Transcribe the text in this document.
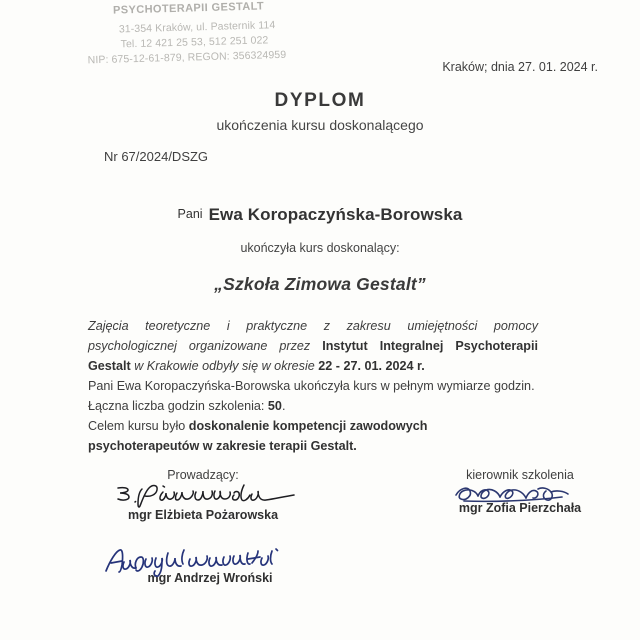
PSYCHOTERAPII GESTALT
31-354 Kraków, ul. Pasternik 114
Tel. 12 421 25 53, 512 251 022
NIP: 675-12-61-879, REGON: 356324959
Kraków; dnia 27. 01. 2024 r.
DYPLOM
ukończenia kursu doskonalącego
Nr 67/2024/DSZG
Pani Ewa Koropaczyńska-Borowska
ukończyła kurs doskonalący:
„Szkoła Zimowa Gestalt”
Zajęcia teoretyczne i praktyczne z zakresu umiejętności pomocy psychologicznej organizowane przez Instytut Integralnej Psychoterapii Gestalt w Krakowie odbyły się w okresie 22 - 27. 01. 2024 r.
Pani Ewa Koropaczyńska-Borowska ukończyła kurs w pełnym wymiarze godzin.
Łączna liczba godzin szkolenia: 50.
Celem kursu było doskonalenie kompetencji zawodowych psychoterapeutów w zakresie terapii Gestalt.
Prowadzący:
mgr Elżbieta Pożarowska
kierownik szkolenia
mgr Zofia Pierzchała
mgr Andrzej Wroński
